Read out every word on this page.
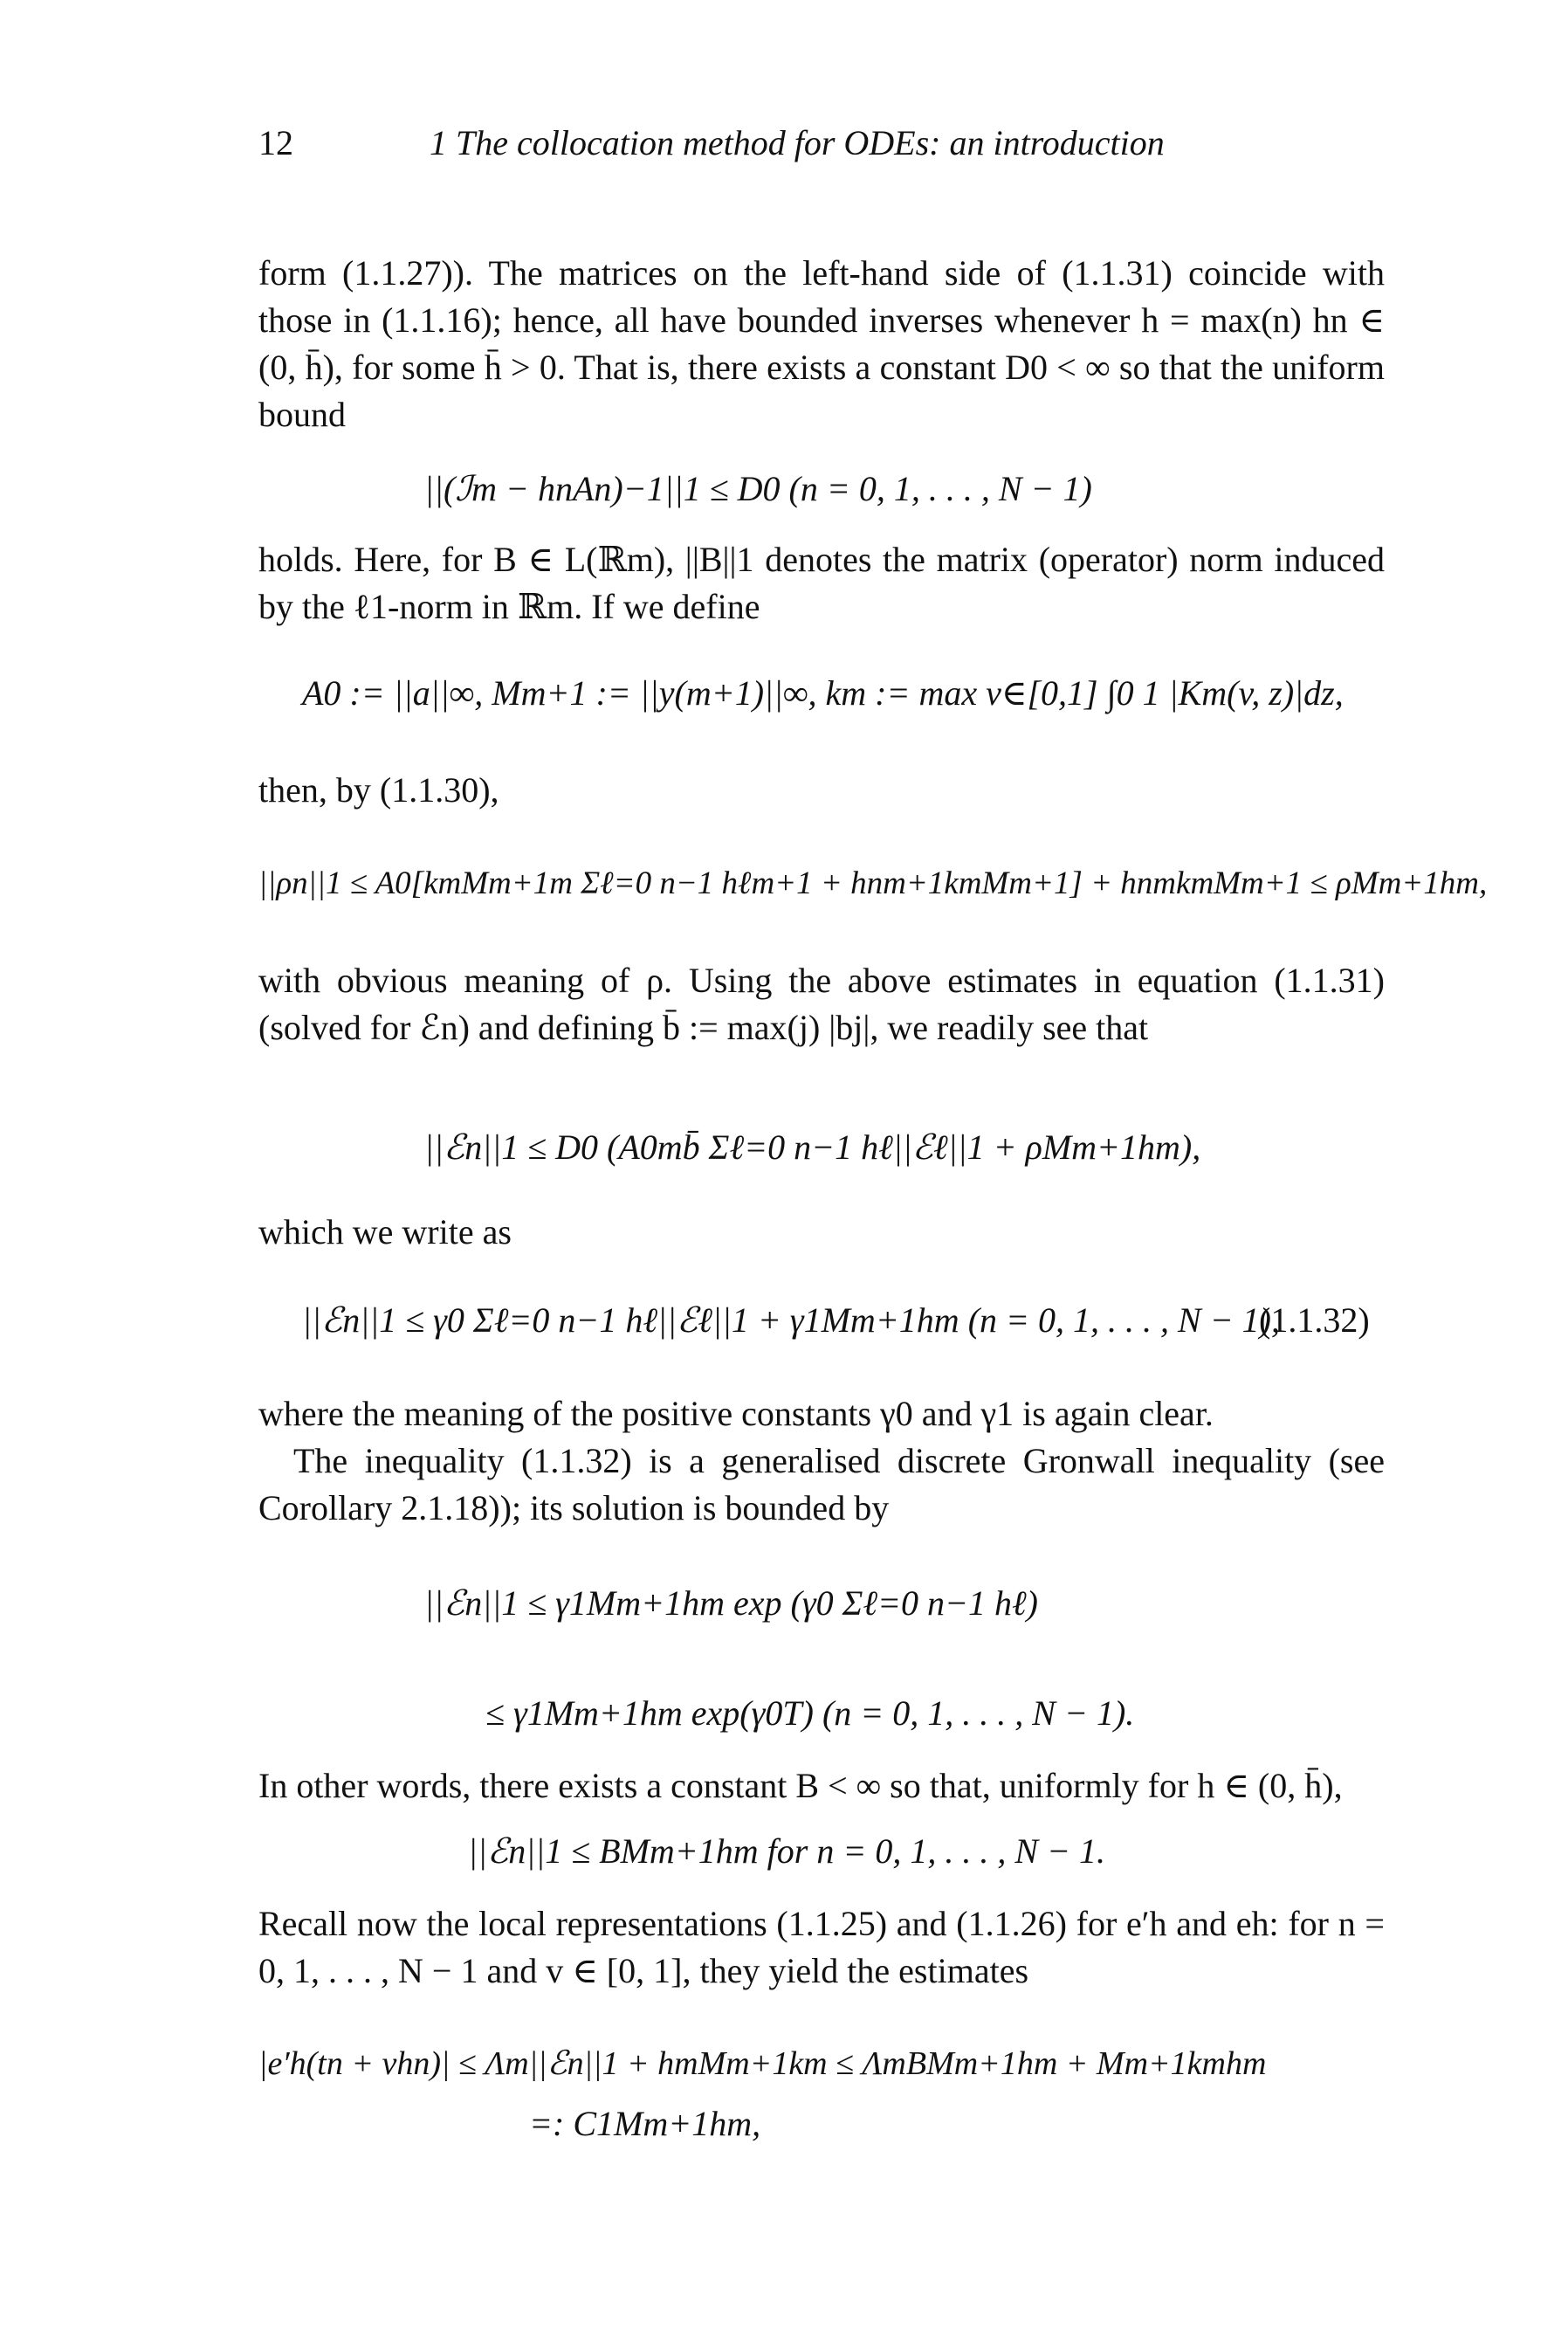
12	1 The collocation method for ODEs: an introduction

form (1.1.27)). The matrices on the left-hand side of (1.1.31) coincide with those in (1.1.16); hence, all have bounded inverses whenever h = max(n) hn ∈ (0, h̄), for some h̄ > 0. That is, there exists a constant D0 < ∞ so that the uniform bound

||(ℐm − hnAn)−1||1 ≤ D0 (n = 0, 1, . . . , N − 1)

holds. Here, for B ∈ L(ℝm), ||B||1 denotes the matrix (operator) norm induced by the ℓ1-norm in ℝm. If we define

A0 := ||a||∞, Mm+1 := ||y(m+1)||∞, km := max v∈[0,1] ∫0 1 |Km(v, z)|dz,

then, by (1.1.30),

||ρn||1 ≤ A0[kmMm+1m Σℓ=0 n−1 hℓm+1 + hnm+1kmMm+1] + hnmkmMm+1 ≤ ρMm+1hm,

with obvious meaning of ρ. Using the above estimates in equation (1.1.31) (solved for ℰn) and defining b̄ := max(j) |bj|, we readily see that

||ℰn||1 ≤ D0 (A0mb̄ Σℓ=0 n−1 hℓ||ℰℓ||1 + ρMm+1hm),

which we write as

||ℰn||1 ≤ γ0 Σℓ=0 n−1 hℓ||ℰℓ||1 + γ1Mm+1hm (n = 0, 1, . . . , N − 1),
(1.1.32)

where the meaning of the positive constants γ0 and γ1 is again clear.

The inequality (1.1.32) is a generalised discrete Gronwall inequality (see Corollary 2.1.18)); its solution is bounded by

||ℰn||1 ≤ γ1Mm+1hm exp (γ0 Σℓ=0 n−1 hℓ)
≤ γ1Mm+1hm exp(γ0T) (n = 0, 1, . . . , N − 1).

In other words, there exists a constant B < ∞ so that, uniformly for h ∈ (0, h̄),

||ℰn||1 ≤ BMm+1hm for n = 0, 1, . . . , N − 1.

Recall now the local representations (1.1.25) and (1.1.26) for e′h and eh: for n = 0, 1, . . . , N − 1 and v ∈ [0, 1], they yield the estimates

|e′h(tn + vhn)| ≤ Λm||ℰn||1 + hmMm+1km ≤ ΛmBMm+1hm + Mm+1kmhm
=: C1Mm+1hm,
